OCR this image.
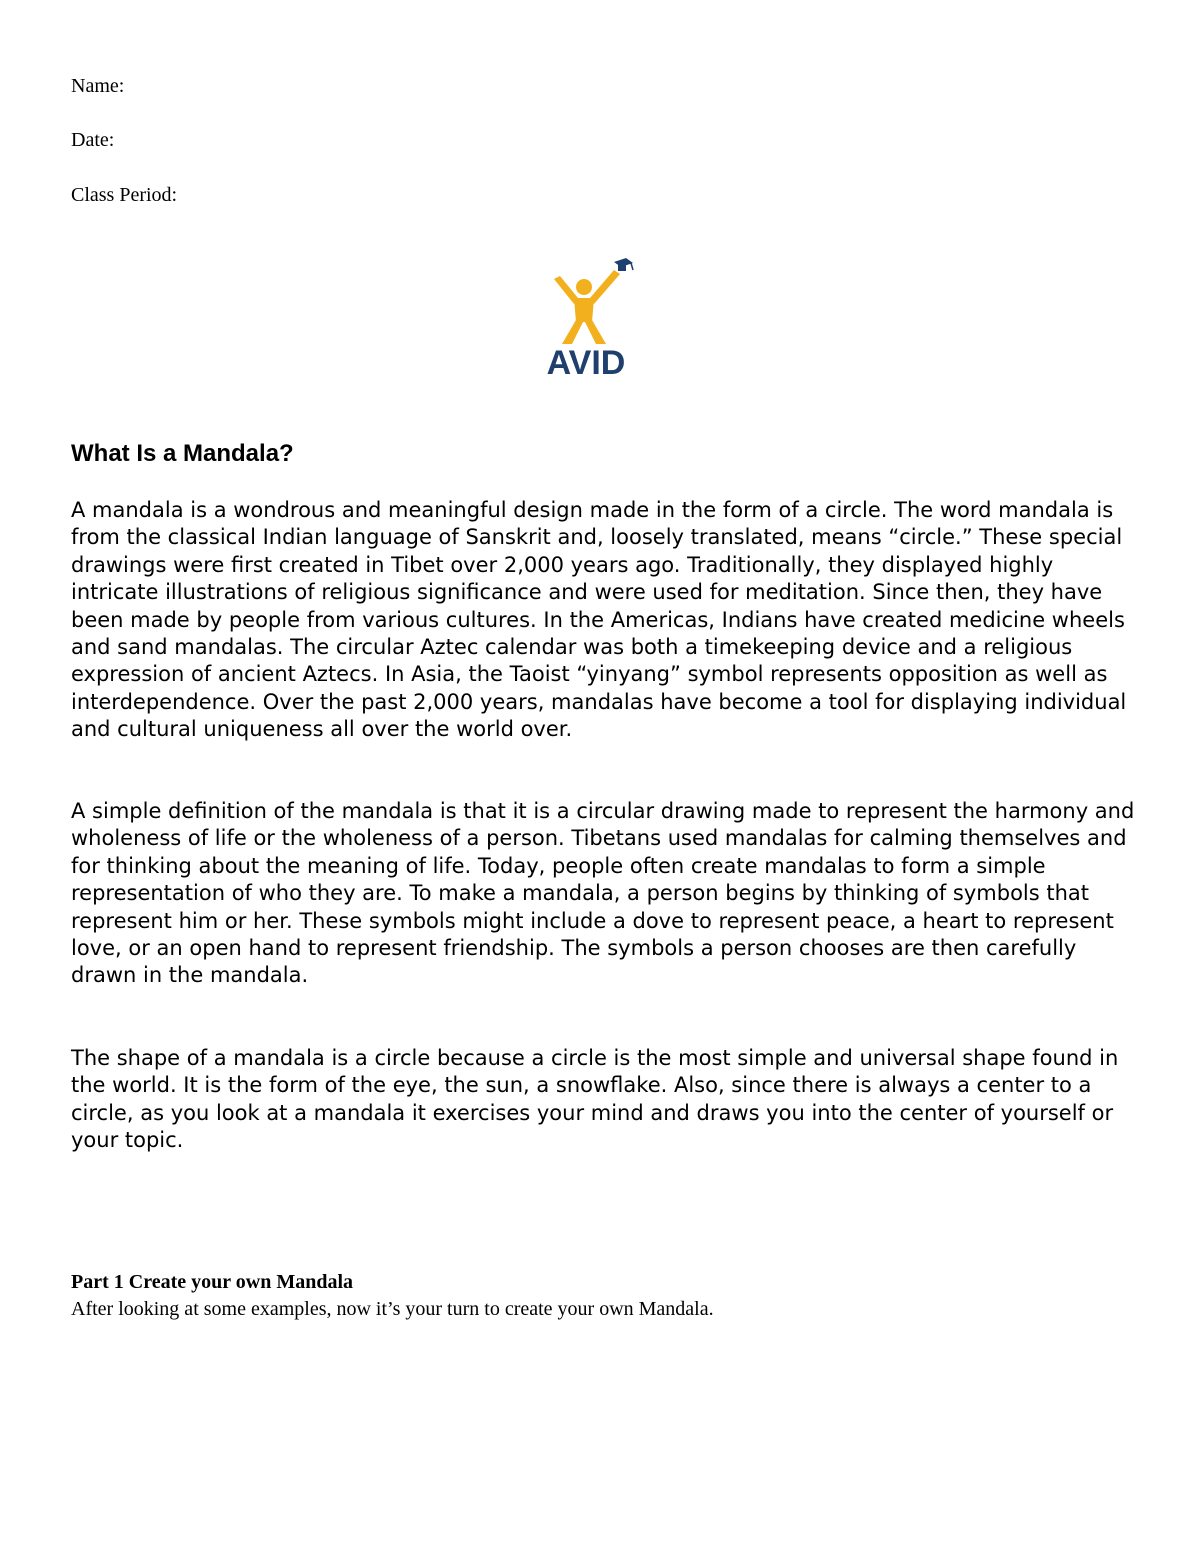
Name:
Date:
Class Period:
AVID
What Is a Mandala?

A mandala is a wondrous and meaningful design made in the form of a circle. The word mandala is from the classical Indian language of Sanskrit and, loosely translated, means “circle.” These special drawings were first created in Tibet over 2,000 years ago. Traditionally, they displayed highly intricate illustrations of religious significance and were used for meditation. Since then, they have been made by people from various cultures. In the Americas, Indians have created medicine wheels and sand mandalas. The circular Aztec calendar was both a timekeeping device and a religious expression of ancient Aztecs. In Asia, the Taoist “yinyang” symbol represents opposition as well as interdependence. Over the past 2,000 years, mandalas have become a tool for displaying individual and cultural uniqueness all over the world over.

A simple definition of the mandala is that it is a circular drawing made to represent the harmony and wholeness of life or the wholeness of a person. Tibetans used mandalas for calming themselves and for thinking about the meaning of life. Today, people often create mandalas to form a simple representation of who they are. To make a mandala, a person begins by thinking of symbols that represent him or her. These symbols might include a dove to represent peace, a heart to represent love, or an open hand to represent friendship. The symbols a person chooses are then carefully drawn in the mandala.

The shape of a mandala is a circle because a circle is the most simple and universal shape found in the world. It is the form of the eye, the sun, a snowflake. Also, since there is always a center to a circle, as you look at a mandala it exercises your mind and draws you into the center of yourself or your topic.

Part 1 Create your own Mandala

After looking at some examples, now it’s your turn to create your own Mandala.
